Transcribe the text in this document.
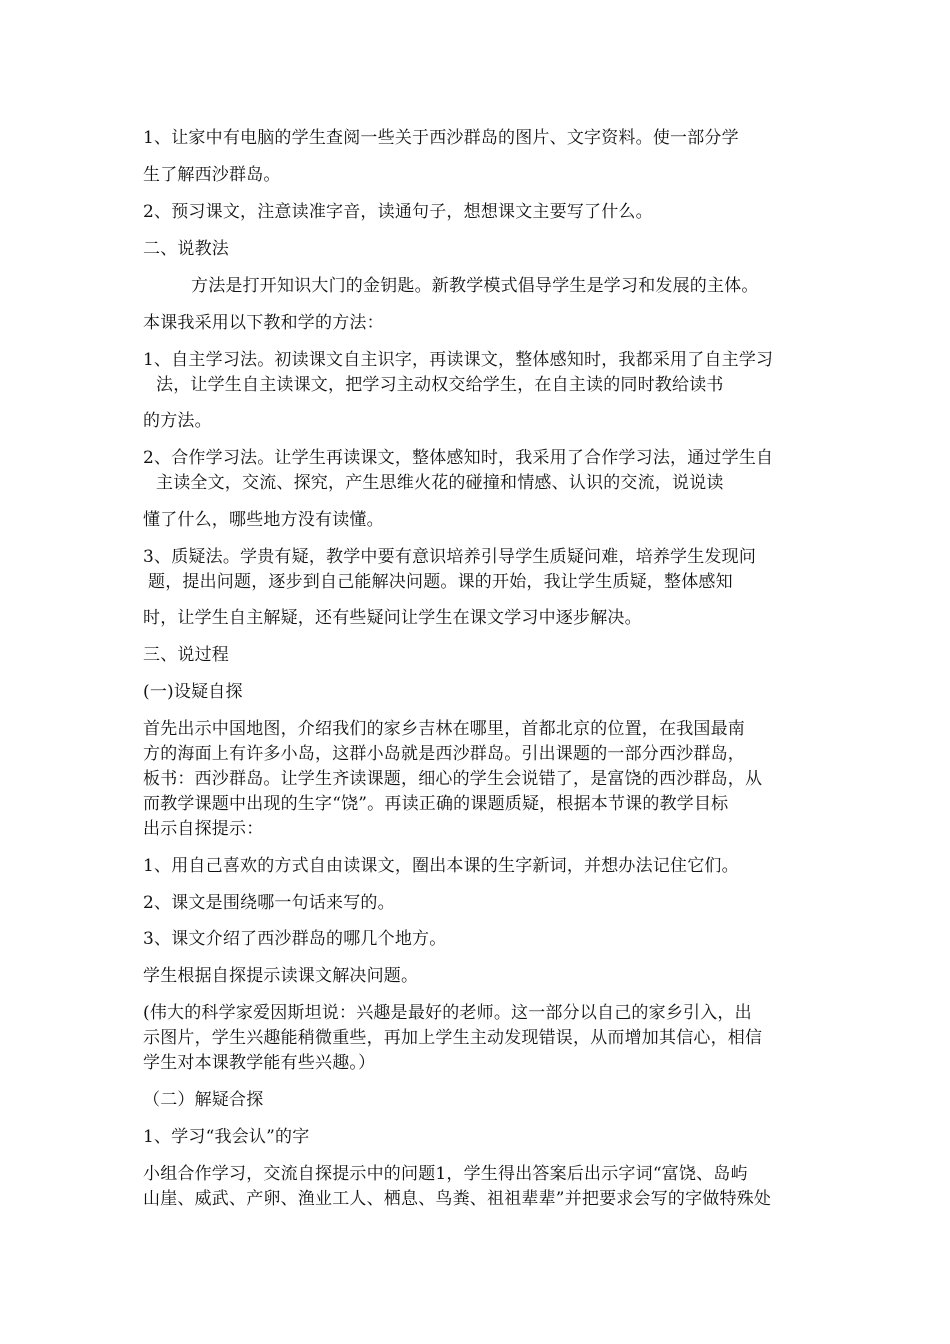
1、让家中有电脑的学生查阅一些关于西沙群岛的图片、文字资料。使一部分学
生了解西沙群岛。
2、预习课文，注意读准字音，读通句子，想想课文主要写了什么。
二、说教法
方法是打开知识大门的金钥匙。新教学模式倡导学生是学习和发展的主体。
本课我采用以下教和学的方法：
1、自主学习法。初读课文自主识字，再读课文，整体感知时，我都采用了自主学习
法，让学生自主读课文，把学习主动权交给学生，在自主读的同时教给读书
的方法。
2、合作学习法。让学生再读课文，整体感知时，我采用了合作学习法，通过学生自
主读全文，交流、探究，产生思维火花的碰撞和情感、认识的交流，说说读
懂了什么，哪些地方没有读懂。
3、质疑法。学贵有疑，教学中要有意识培养引导学生质疑问难，培养学生发现问
题，提出问题，逐步到自己能解决问题。课的开始，我让学生质疑，整体感知
时，让学生自主解疑，还有些疑问让学生在课文学习中逐步解决。
三、说过程
(一)设疑自探
首先出示中国地图，介绍我们的家乡吉林在哪里，首都北京的位置，在我国最南
方的海面上有许多小岛，这群小岛就是西沙群岛。引出课题的一部分西沙群岛，
板书：西沙群岛。让学生齐读课题，细心的学生会说错了，是富饶的西沙群岛，从
而教学课题中出现的生字“饶”。再读正确的课题质疑，根据本节课的教学目标
出示自探提示：
1、用自己喜欢的方式自由读课文，圈出本课的生字新词，并想办法记住它们。
2、课文是围绕哪一句话来写的。
3、课文介绍了西沙群岛的哪几个地方。
学生根据自探提示读课文解决问题。
(伟大的科学家爱因斯坦说：兴趣是最好的老师。这一部分以自己的家乡引入，出
示图片，学生兴趣能稍微重些，再加上学生主动发现错误，从而增加其信心，相信
学生对本课教学能有些兴趣。）
（二）解疑合探
1、学习“我会认”的字
小组合作学习，交流自探提示中的问题1，学生得出答案后出示字词“富饶、岛屿
山崖、威武、产卵、渔业工人、栖息、鸟粪、祖祖辈辈”并把要求会写的字做特殊处
